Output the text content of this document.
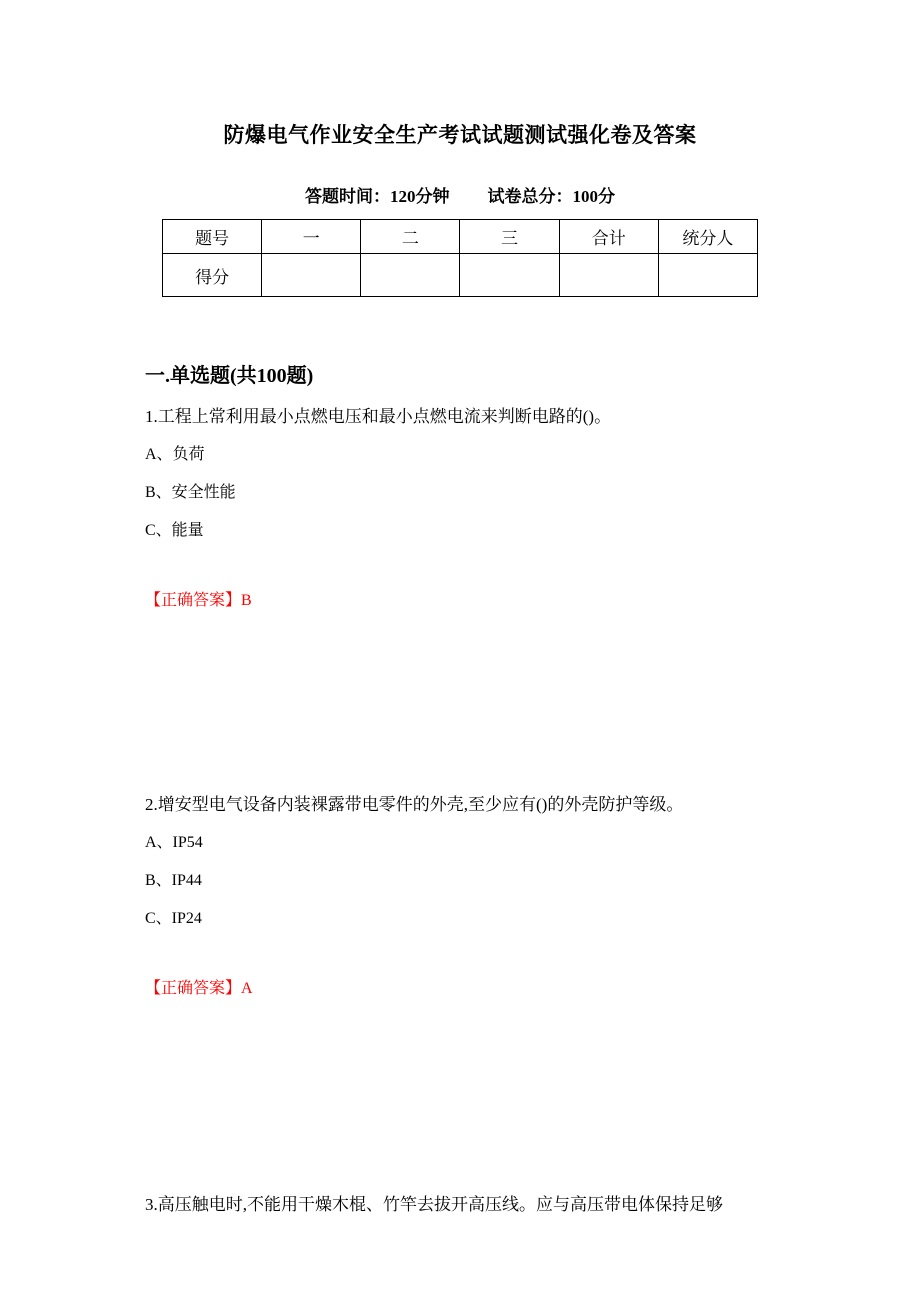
防爆电气作业安全生产考试试题测试强化卷及答案
答题时间：120分钟 试卷总分：100分
题号	一	二	三	合计	统分人
得分					
一.单选题(共100题)

1.工程上常利用最小点燃电压和最小点燃电流来判断电路的()。

A、负荷

B、安全性能

C、能量

【正确答案】B

2.增安型电气设备内装裸露带电零件的外壳,至少应有()的外壳防护等级。

A、IP54

B、IP44

C、IP24

【正确答案】A

3.高压触电时,不能用干燥木棍、竹竿去拔开高压线。应与高压带电体保持足够
